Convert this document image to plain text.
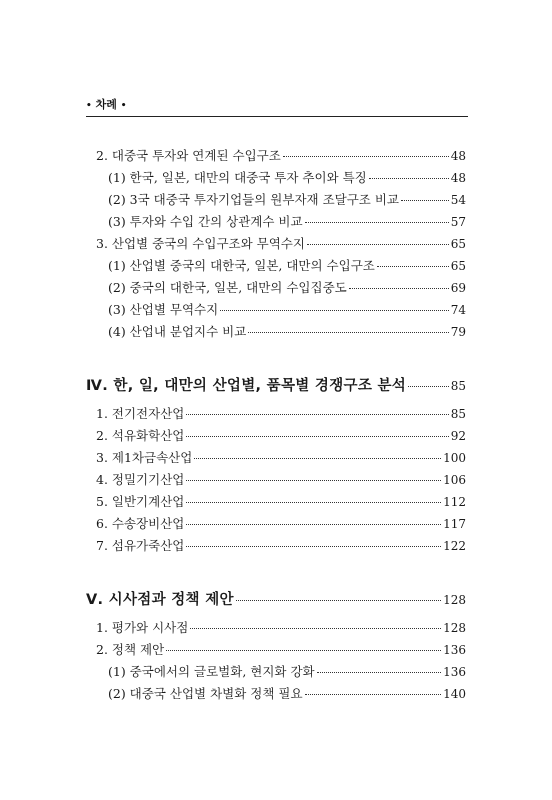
• 차례 •
2. 대중국 투자와 연계된 수입구조	48
(1) 한국, 일본, 대만의 대중국 투자 추이와 특징	48
(2) 3국 대중국 투자기업들의 원부자재 조달구조 비교	54
(3) 투자와 수입 간의 상관계수 비교	57
3. 산업별 중국의 수입구조와 무역수지	65
(1) 산업별 중국의 대한국, 일본, 대만의 수입구조	65
(2) 중국의 대한국, 일본, 대만의 수입집중도	69
(3) 산업별 무역수지	74
(4) 산업내 분업지수 비교	79
Ⅳ. 한, 일, 대만의 산업별, 품목별 경쟁구조 분석	85
1. 전기전자산업	85
2. 석유화학산업	92
3. 제1차금속산업	100
4. 정밀기기산업	106
5. 일반기계산업	112
6. 수송장비산업	117
7. 섬유가죽산업	122
Ⅴ. 시사점과 정책 제안	128
1. 평가와 시사점	128
2. 정책 제안	136
(1) 중국에서의 글로벌화, 현지화 강화	136
(2) 대중국 산업별 차별화 정책 필요	140
